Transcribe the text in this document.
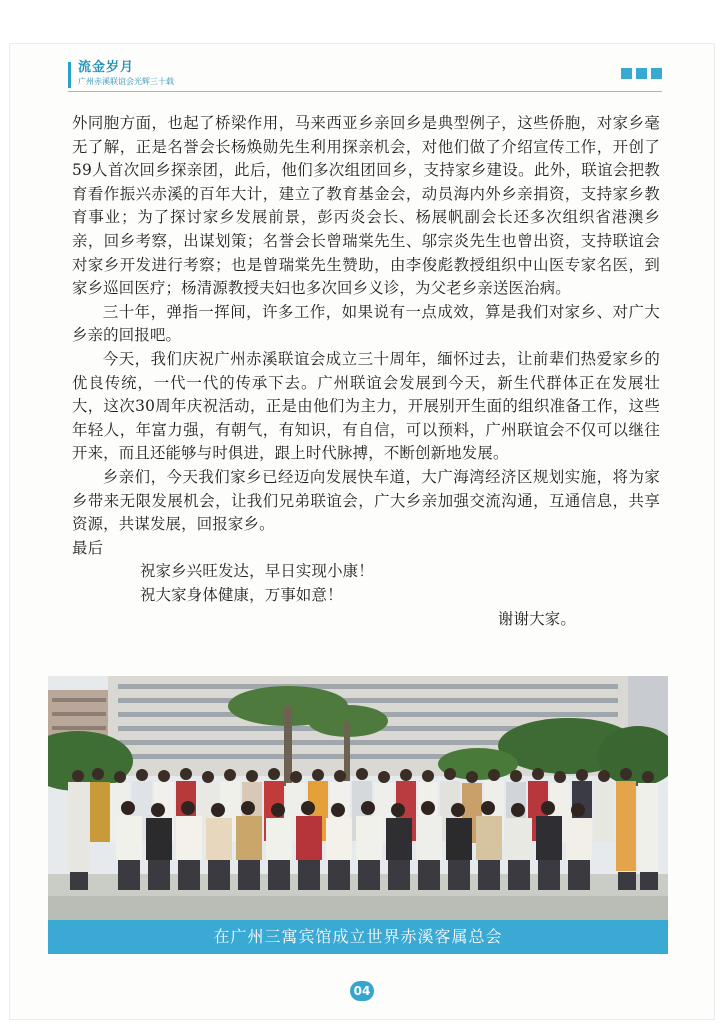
流金岁月
广州赤溪联谊会光辉三十载

外同胞方面，也起了桥梁作用，马来西亚乡亲回乡是典型例子，这些侨胞，对家乡毫无了解，正是名誉会长杨焕勋先生利用探亲机会，对他们做了介绍宣传工作，开创了59人首次回乡探亲团，此后，他们多次组团回乡，支持家乡建设。此外，联谊会把教育看作振兴赤溪的百年大计，建立了教育基金会，动员海内外乡亲捐资，支持家乡教育事业；为了探讨家乡发展前景，彭丙炎会长、杨展帆副会长还多次组织省港澳乡亲，回乡考察，出谋划策；名誉会长曾瑞棠先生、邬宗炎先生也曾出资，支持联谊会对家乡开发进行考察；也是曾瑞棠先生赞助，由李俊彪教授组织中山医专家名医，到家乡巡回医疗；杨清源教授夫妇也多次回乡义诊，为父老乡亲送医治病。

三十年，弹指一挥间，许多工作，如果说有一点成效，算是我们对家乡、对广大乡亲的回报吧。

今天，我们庆祝广州赤溪联谊会成立三十周年，缅怀过去，让前辈们热爱家乡的优良传统，一代一代的传承下去。广州联谊会发展到今天，新生代群体正在发展壮大，这次30周年庆祝活动，正是由他们为主力，开展别开生面的组织准备工作，这些年轻人，年富力强，有朝气，有知识，有自信，可以预料，广州联谊会不仅可以继往开来，而且还能够与时俱进，跟上时代脉搏，不断创新地发展。

乡亲们，今天我们家乡已经迈向发展快车道，大广海湾经济区规划实施，将为家乡带来无限发展机会，让我们兄弟联谊会，广大乡亲加强交流沟通，互通信息，共享资源，共谋发展，回报家乡。

最后

祝家乡兴旺发达，早日实现小康！

祝大家身体健康，万事如意！

谢谢大家。

在广州三寓宾馆成立世界赤溪客属总会
04
